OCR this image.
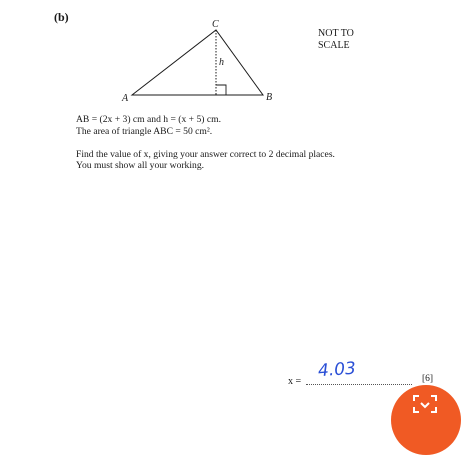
(b)
A	B
C
h
NOT TO
SCALE
AB = (2x + 3) cm and h = (x + 5) cm.
The area of triangle ABC = 50 cm².
Find the value of x, giving your answer correct to 2 decimal places.
You must show all your working.
x =
4.03	[6]
